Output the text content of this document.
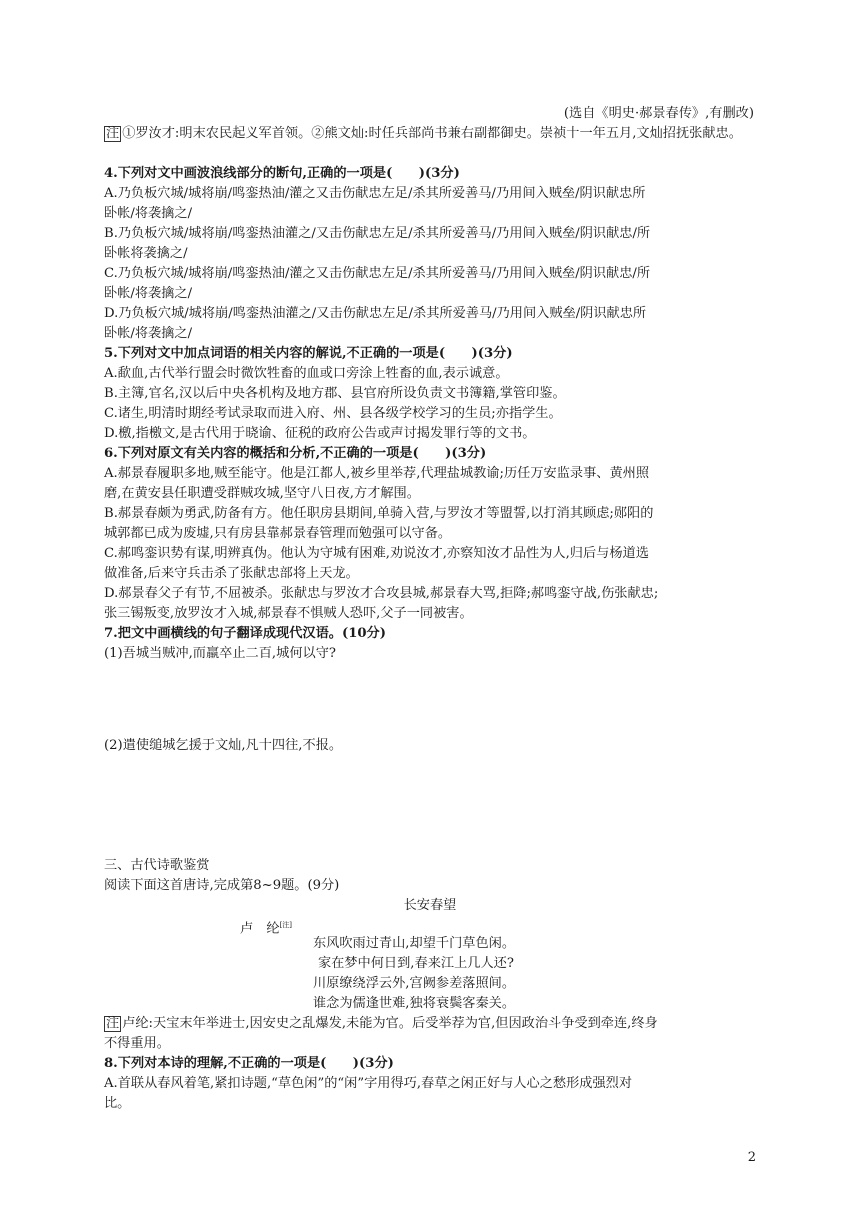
(选自《明史·郝景春传》,有删改)
注 ①罗汝才:明末农民起义军首领。②熊文灿:时任兵部尚书兼右副都御史。崇祯十一年五月,文灿招抚张献忠。
4.下列对文中画波浪线部分的断句,正确的一项是(　　)(3分)
A.乃负板穴城/城将崩/鸣銮热油/灌之又击伤献忠左足/杀其所爱善马/乃用间入贼垒/阴识献忠所
卧帐/将袭擒之/
B.乃负板穴城/城将崩/鸣銮热油灌之/又击伤献忠左足/杀其所爱善马/乃用间入贼垒/阴识献忠/所
卧帐将袭擒之/
C.乃负板穴城/城将崩/鸣銮热油/灌之又击伤献忠左足/杀其所爱善马/乃用间入贼垒/阴识献忠/所
卧帐/将袭擒之/
D.乃负板穴城/城将崩/鸣銮热油灌之/又击伤献忠左足/杀其所爱善马/乃用间入贼垒/阴识献忠所
卧帐/将袭擒之/
5.下列对文中加点词语的相关内容的解说,不正确的一项是(　　)(3分)
A.歃血,古代举行盟会时微饮牲畜的血或口旁涂上牲畜的血,表示诚意。
B.主簿,官名,汉以后中央各机构及地方郡、县官府所设负责文书簿籍,掌管印鉴。
C.诸生,明清时期经考试录取而进入府、州、县各级学校学习的生员;亦指学生。
D.檄,指檄文,是古代用于晓谕、征税的政府公告或声讨揭发罪行等的文书。
6.下列对原文有关内容的概括和分析,不正确的一项是(　　)(3分)
A.郝景春履职多地,贼至能守。他是江都人,被乡里举荐,代理盐城教谕;历任万安监录事、黄州照
磨,在黄安县任职遭受群贼攻城,坚守八日夜,方才解围。
B.郝景春颇为勇武,防备有方。他任职房县期间,单骑入营,与罗汝才等盟誓,以打消其顾虑;郧阳的
城郭都已成为废墟,只有房县靠郝景春管理而勉强可以守备。
C.郝鸣銮识势有谋,明辨真伪。他认为守城有困难,劝说汝才,亦察知汝才品性为人,归后与杨道选
做准备,后来守兵击杀了张献忠部将上天龙。
D.郝景春父子有节,不屈被杀。张献忠与罗汝才合攻县城,郝景春大骂,拒降;郝鸣銮守战,伤张献忠;
张三锡叛变,放罗汝才入城,郝景春不惧贼人恐吓,父子一同被害。
7.把文中画横线的句子翻译成现代汉语。(10分)
(1)吾城当贼冲,而羸卒止二百,城何以守?
(2)遣使缒城乞援于文灿,凡十四往,不报。
三、古代诗歌鉴赏
阅读下面这首唐诗,完成第8~9题。(9分)
长安春望
卢　纶[注]
东风吹雨过青山,却望千门草色闲。
家在梦中何日到,春来江上几人还?
川原缭绕浮云外,宫阙参差落照间。
谁念为儒逢世难,独将衰鬓客秦关。
注 卢纶:天宝末年举进士,因安史之乱爆发,未能为官。后受举荐为官,但因政治斗争受到牵连,终身
不得重用。
8.下列对本诗的理解,不正确的一项是(　　)(3分)
A.首联从春风着笔,紧扣诗题,“草色闲”的“闲”字用得巧,春草之闲正好与人心之愁形成强烈对
比。
2
